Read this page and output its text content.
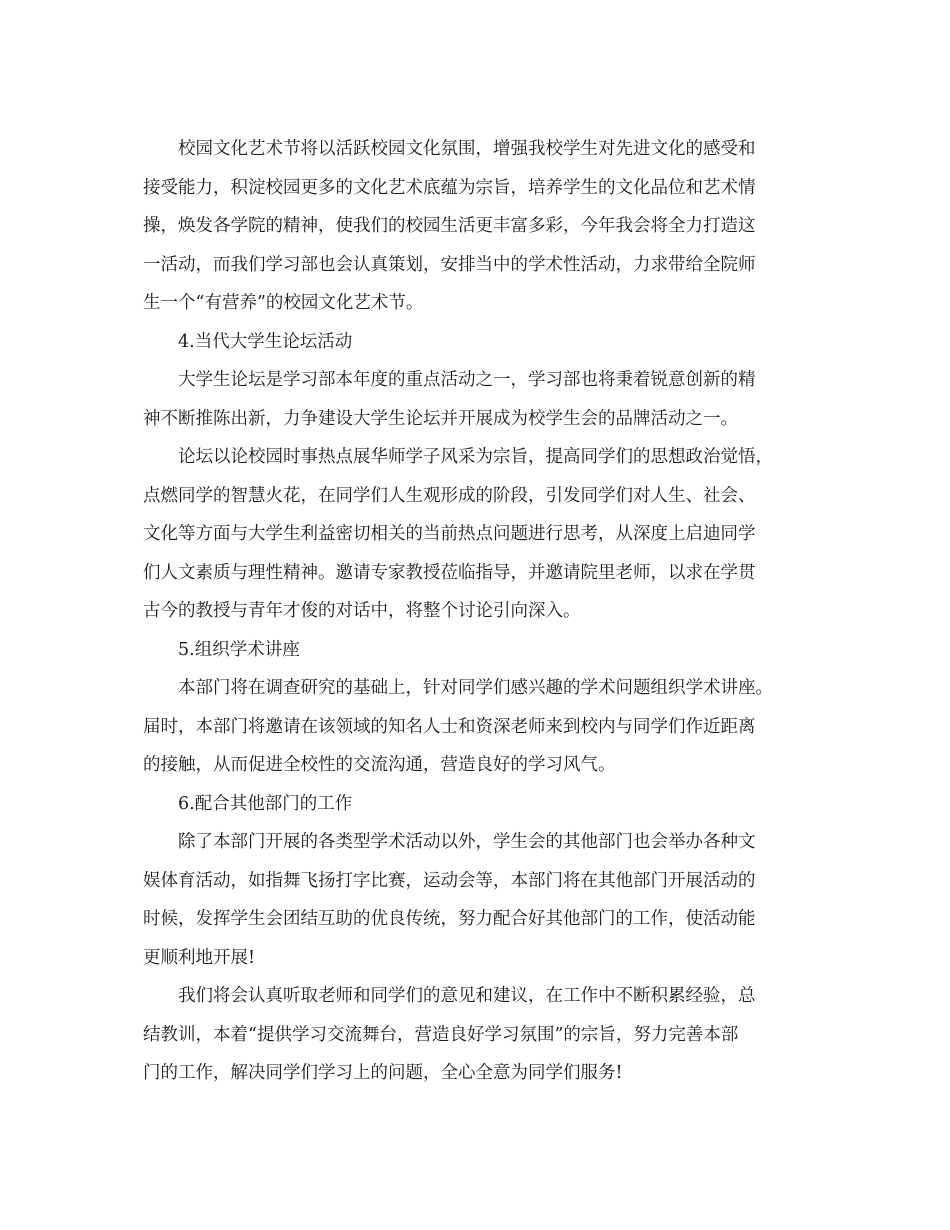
校园文化艺术节将以活跃校园文化氛围，增强我校学生对先进文化的感受和
接受能力，积淀校园更多的文化艺术底蕴为宗旨，培养学生的文化品位和艺术情
操，焕发各学院的精神，使我们的校园生活更丰富多彩，今年我会将全力打造这
一活动，而我们学习部也会认真策划，安排当中的学术性活动，力求带给全院师
生一个“有营养”的校园文化艺术节。
4.当代大学生论坛活动
大学生论坛是学习部本年度的重点活动之一，学习部也将秉着锐意创新的精
神不断推陈出新，力争建设大学生论坛并开展成为校学生会的品牌活动之一。
论坛以论校园时事热点展华师学子风采为宗旨，提高同学们的思想政治觉悟，
点燃同学的智慧火花，在同学们人生观形成的阶段，引发同学们对人生、社会、
文化等方面与大学生利益密切相关的当前热点问题进行思考，从深度上启迪同学
们人文素质与理性精神。邀请专家教授莅临指导，并邀请院里老师，以求在学贯
古今的教授与青年才俊的对话中，将整个讨论引向深入。
5.组织学术讲座
本部门将在调查研究的基础上，针对同学们感兴趣的学术问题组织学术讲座。
届时，本部门将邀请在该领域的知名人士和资深老师来到校内与同学们作近距离
的接触，从而促进全校性的交流沟通，营造良好的学习风气。
6.配合其他部门的工作
除了本部门开展的各类型学术活动以外，学生会的其他部门也会举办各种文
娱体育活动，如指舞飞扬打字比赛，运动会等，本部门将在其他部门开展活动的
时候，发挥学生会团结互助的优良传统，努力配合好其他部门的工作，使活动能
更顺利地开展!
我们将会认真听取老师和同学们的意见和建议，在工作中不断积累经验，总
结教训，本着“提供学习交流舞台，营造良好学习氛围”的宗旨，努力完善本部
门的工作，解决同学们学习上的问题，全心全意为同学们服务!
